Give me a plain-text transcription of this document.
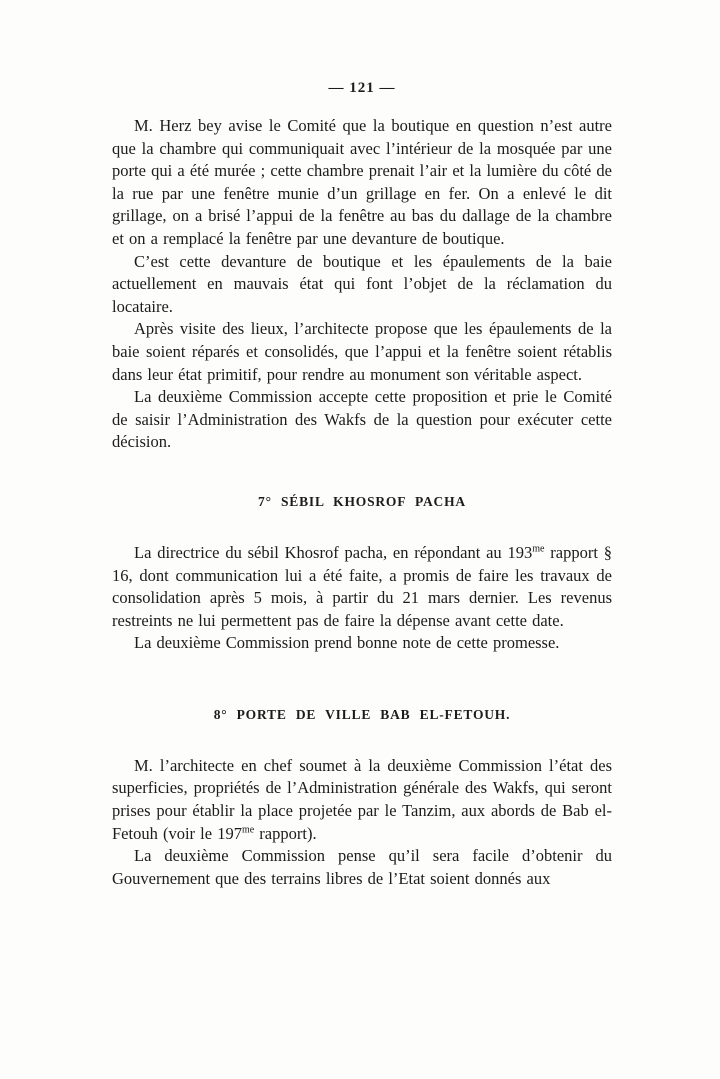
— 121 —

M. Herz bey avise le Comité que la boutique en question n’est autre que la chambre qui communiquait avec l’intérieur de la mosquée par une porte qui a été murée ; cette chambre prenait l’air et la lumière du côté de la rue par une fenêtre munie d’un grillage en fer. On a enlevé le dit grillage, on a brisé l’appui de la fenêtre au bas du dallage de la chambre et on a remplacé la fenêtre par une devanture de boutique.

C’est cette devanture de boutique et les épaulements de la baie actuellement en mauvais état qui font l’objet de la réclamation du locataire.

Après visite des lieux, l’architecte propose que les épaulements de la baie soient réparés et consolidés, que l’appui et la fenêtre soient rétablis dans leur état primitif, pour rendre au monument son véritable aspect.

La deuxième Commission accepte cette proposition et prie le Comité de saisir l’Administration des Wakfs de la question pour exécuter cette décision.

7° SÉBIL KHOSROF PACHA

La directrice du sébil Khosrof pacha, en répondant au $193^{me}$ rapport § 16, dont communication lui a été faite, a promis de faire les travaux de consolidation après 5 mois, à partir du 21 mars dernier. Les revenus restreints ne lui permettent pas de faire la dépense avant cette date.

La deuxième Commission prend bonne note de cette promesse.

8° PORTE DE VILLE BAB EL-FETOUH.

M. l’architecte en chef soumet à la deuxième Commission l’état des superficies, propriétés de l’Administration générale des Wakfs, qui seront prises pour établir la place projetée par le Tanzim, aux abords de Bab el-Fetouh (voir le $197^{me}$ rapport).

La deuxième Commission pense qu’il sera facile d’obtenir du Gouvernement que des terrains libres de l’Etat soient donnés aux
